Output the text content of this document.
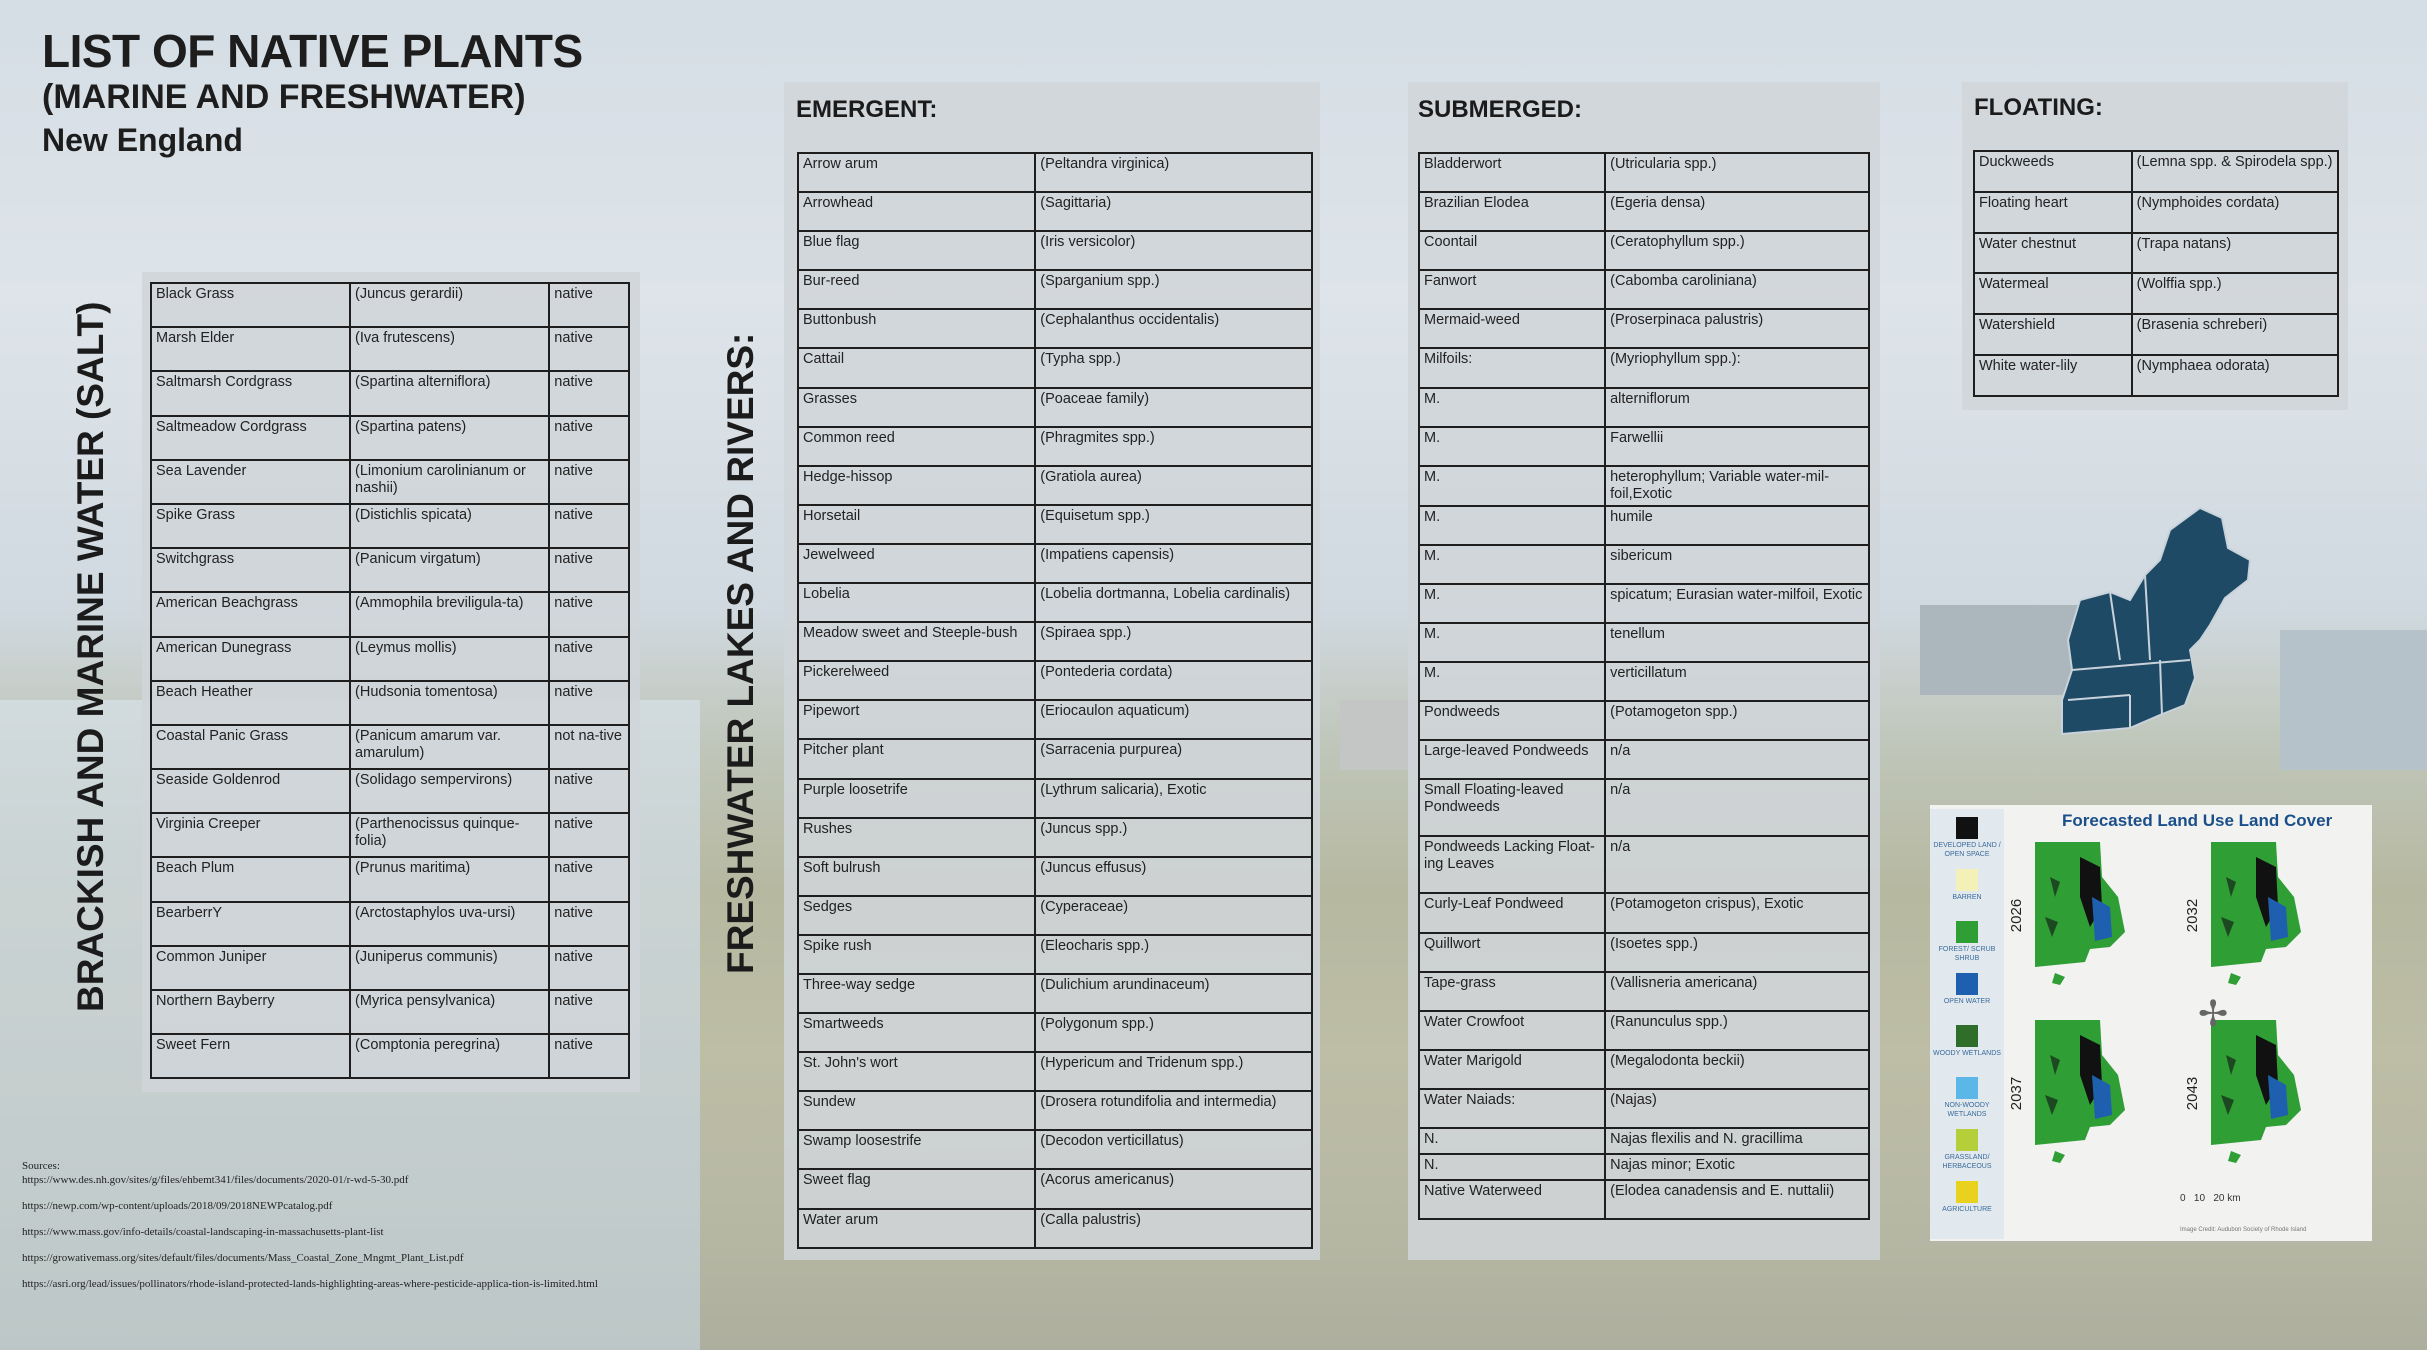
LIST OF NATIVE PLANTS
(MARINE AND FRESHWATER)
New England
BRACKISH AND MARINE WATER (SALT)
Black Grass	(Juncus gerardii)	native
Marsh Elder	(Iva frutescens)	native
Saltmarsh Cordgrass	(Spartina alterniflora)	native
Saltmeadow Cordgrass	(Spartina patens)	native
Sea Lavender	(Limonium carolinianum or nashii)	native
Spike Grass	(Distichlis spicata)	native
Switchgrass	(Panicum virgatum)	native
American Beachgrass	(Ammophila breviligula-ta)	native
American Dunegrass	(Leymus mollis)	native
Beach Heather	(Hudsonia tomentosa)	native
Coastal Panic Grass	(Panicum amarum var. amarulum)	not na-tive
Seaside Goldenrod	(Solidago sempervirons)	native
Virginia Creeper	(Parthenocissus quinque-folia)	native
Beach Plum	(Prunus maritima)	native
BearberrY	(Arctostaphylos uva-ursi)	native
Common Juniper	(Juniperus communis)	native
Northern Bayberry	(Myrica pensylvanica)	native
Sweet Fern	(Comptonia peregrina)	native
FRESHWATER LAKES AND RIVERS:
EMERGENT:
Arrow arum	(Peltandra virginica)
Arrowhead	(Sagittaria)
Blue flag	(Iris versicolor)
Bur-reed	(Sparganium spp.)
Buttonbush	(Cephalanthus occidentalis)
Cattail	(Typha spp.)
Grasses	(Poaceae family)
Common reed	(Phragmites spp.)
Hedge-hissop	(Gratiola aurea)
Horsetail	(Equisetum spp.)
Jewelweed	(Impatiens capensis)
Lobelia	(Lobelia dortmanna, Lobelia cardinalis)
Meadow sweet and Steeple-bush	(Spiraea spp.)
Pickerelweed	(Pontederia cordata)
Pipewort	(Eriocaulon aquaticum)
Pitcher plant	(Sarracenia purpurea)
Purple loosetrife	(Lythrum salicaria), Exotic
Rushes	(Juncus spp.)
Soft bulrush	(Juncus effusus)
Sedges	(Cyperaceae)
Spike rush	(Eleocharis spp.)
Three-way sedge	(Dulichium arundinaceum)
Smartweeds	(Polygonum spp.)
St. John's wort	(Hypericum and Tridenum spp.)
Sundew	(Drosera rotundifolia and intermedia)
Swamp loosestrife	(Decodon verticillatus)
Sweet flag	(Acorus americanus)
Water arum	(Calla palustris)
SUBMERGED:
Bladderwort	(Utricularia spp.)
Brazilian Elodea	(Egeria densa)
Coontail	(Ceratophyllum spp.)
Fanwort	(Cabomba caroliniana)
Mermaid-weed	(Proserpinaca palustris)
Milfoils:	(Myriophyllum spp.):
M.	alterniflorum
M.	Farwellii
M.	heterophyllum; Variable water-mil-foil,Exotic
M.	humile
M.	sibericum
M.	spicatum; Eurasian water-milfoil, Exotic
M.	tenellum
M.	verticillatum
Pondweeds	(Potamogeton spp.)
Large-leaved Pondweeds	n/a
Small Floating-leaved Pondweeds	n/a
Pondweeds Lacking Float-ing Leaves	n/a
Curly-Leaf Pondweed	(Potamogeton crispus), Exotic
Quillwort	(Isoetes spp.)
Tape-grass	(Vallisneria americana)
Water Crowfoot	(Ranunculus spp.)
Water Marigold	(Megalodonta beckii)
Water Naiads:	(Najas)
N.	Najas flexilis and N. gracillima
N.	Najas minor; Exotic
Native Waterweed	(Elodea canadensis and E. nuttalii)
FLOATING:
Duckweeds	(Lemna spp. & Spirodela spp.)
Floating heart	(Nymphoides cordata)
Water chestnut	(Trapa natans)
Watermeal	(Wolffia spp.)
Watershield	(Brasenia schreberi)
White water-lily	(Nymphaea odorata)
Forecasted Land Use Land Cover
DEVELOPED LAND / OPEN SPACE
BARREN
FOREST/ SCRUB SHRUB
OPEN WATER
WOODY WETLANDS
NON-WOODY WETLANDS
GRASSLAND/ HERBACEOUS
AGRICULTURE
2026	2032
2037	2043
✢
0   10   20 km
Image Credit: Audubon Society of Rhode Island
Sources:
https://www.des.nh.gov/sites/g/files/ehbemt341/files/documents/2020-01/r-wd-5-30.pdf
https://newp.com/wp-content/uploads/2018/09/2018NEWPcatalog.pdf
https://www.mass.gov/info-details/coastal-landscaping-in-massachusetts-plant-list
https://growativemass.org/sites/default/files/documents/Mass_Coastal_Zone_Mngmt_Plant_List.pdf
https://asri.org/lead/issues/pollinators/rhode-island-protected-lands-highlighting-areas-where-pesticide-applica-tion-is-limited.html
